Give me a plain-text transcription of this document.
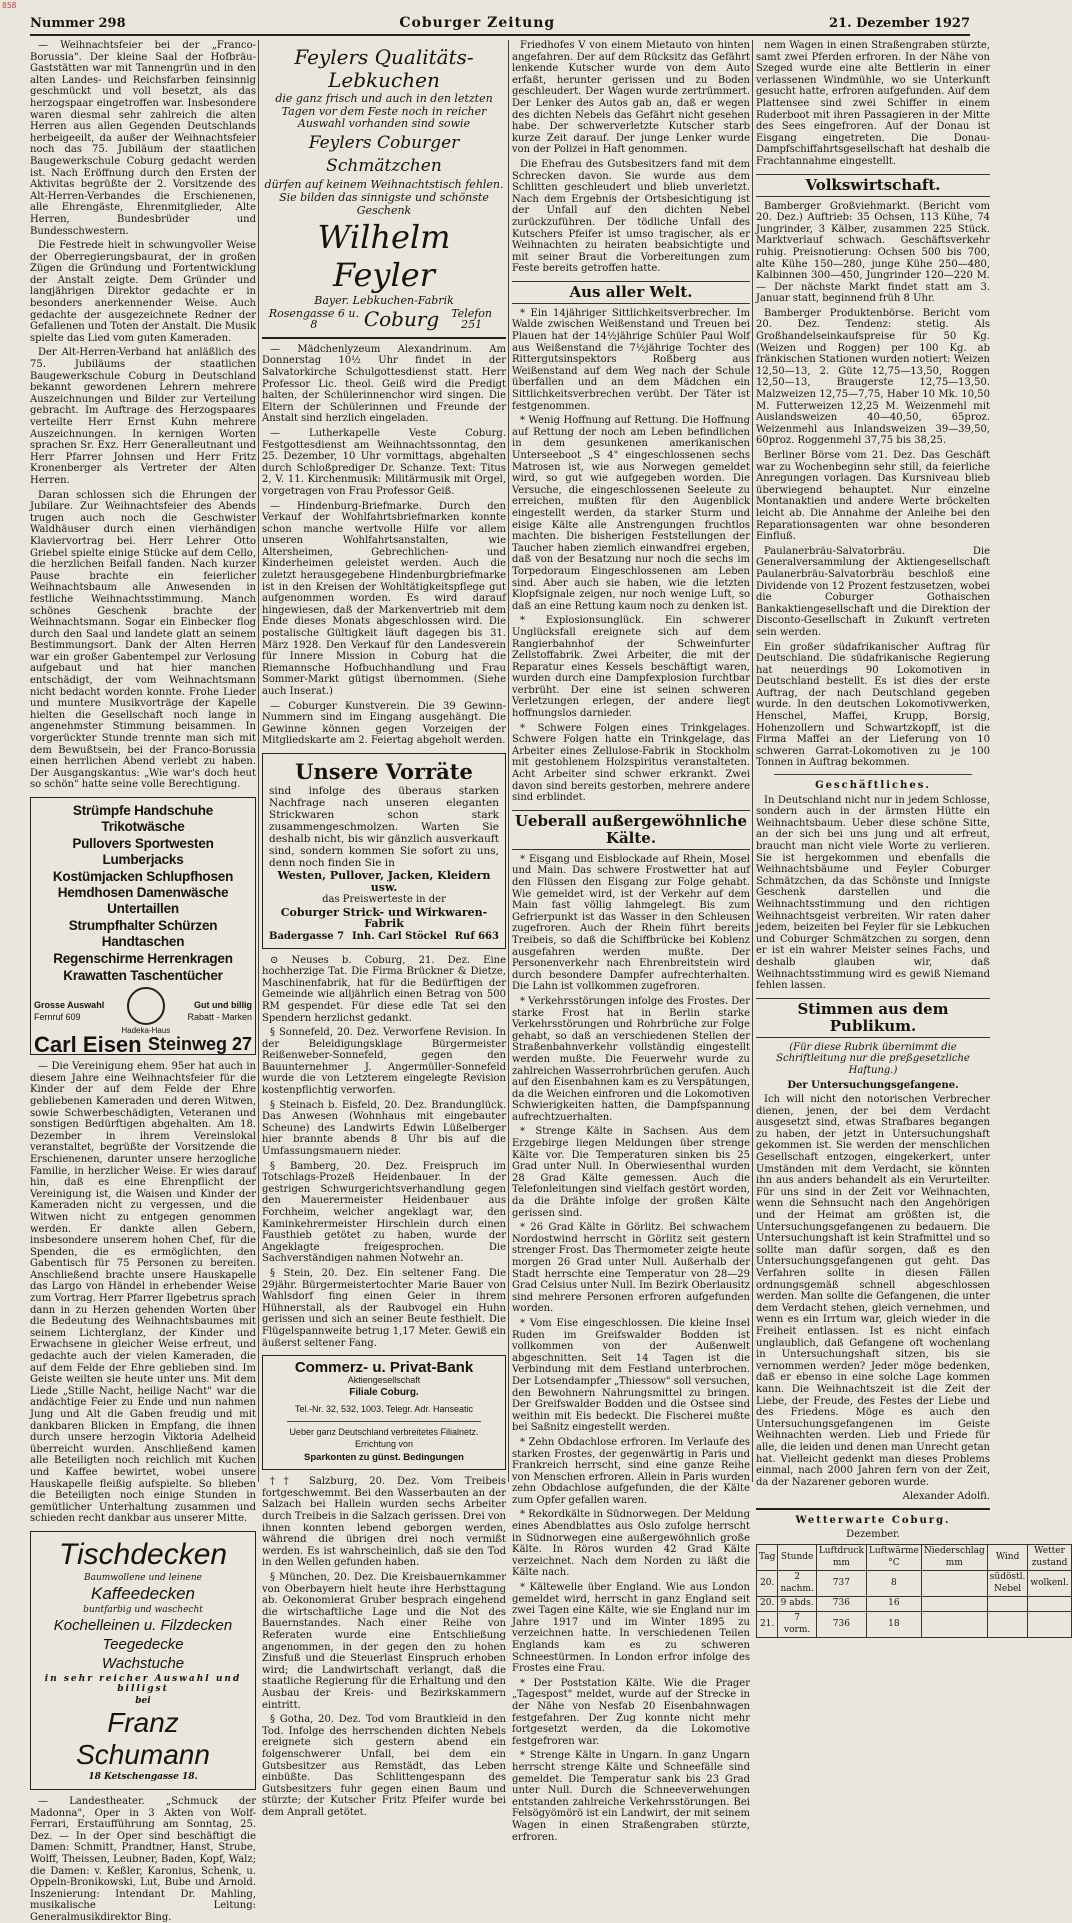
858
Nummer 298	Coburger Zeitung	21. Dezember 1927

— Weihnachtsfeier bei der „Franco-Borussia". Der kleine Saal der Hofbräu-Gaststätten war mit Tannengrün und in den alten Landes- und Reichsfarben feinsinnig geschmückt und voll besetzt, als das herzogspaar eingetroffen war. Insbesondere waren diesmal sehr zahlreich die alten Herren aus allen Gegenden Deutschlands herbeigeeilt, da außer der Weihnachtsfeier noch das 75. Jubiläum der staatlichen Baugewerkschule Coburg gedacht werden ist. Nach Eröffnung durch den Ersten der Aktivitas begrüßte der 2. Vorsitzende des Alt-Herren-Verbandes die Erschienenen, alle Ehrengäste, Ehrenmitglieder, Alte Herren, Bundesbrüder und Bundesschwestern.

Die Festrede hielt in schwungvoller Weise der Oberregierungsbaurat, der in großen Zügen die Gründung und Fortentwicklung der Anstalt zeigte. Dem Gründer und langjährigen Direktor gedachte er in besonders anerkennender Weise. Auch gedachte der ausgezeichnete Redner der Gefallenen und Toten der Anstalt. Die Musik spielte das Lied vom guten Kameraden.

Der Alt-Herren-Verband hat anläßlich des 75. Jubiläums der staatlichen Baugewerkschule Coburg in Deutschland bekannt gewordenen Lehrern mehrere Auszeichnungen und Bilder zur Verteilung gebracht. Im Auftrage des Herzogspaares verteilte Herr Ernst Kuhn mehrere Auszeichnungen. In kernigen Worten sprachen Sr. Exz. Herr Generalleutnant und Herr Pfarrer Johnsen und Herr Fritz Kronenberger als Vertreter der Alten Herren.

Daran schlossen sich die Ehrungen der Jubilare. Zur Weihnachtsfeier des Abends trugen auch noch die Geschwister Waldhäuser durch einen vierhändigen Klaviervortrag bei. Herr Lehrer Otto Griebel spielte einige Stücke auf dem Cello, die herzlichen Beifall fanden. Nach kurzer Pause brachte ein feierlicher Weihnachtsbaum alle Anwesenden in festliche Weihnachtsstimmung. Manch schönes Geschenk brachte der Weihnachtsmann. Sogar ein Einbecker flog durch den Saal und landete glatt an seinem Bestimmungsort. Dank der Alten Herren war ein großer Gabentempel zur Verlosung aufgebaut und hat hier manchen entschädigt, der vom Weihnachtsmann nicht bedacht worden konnte. Frohe Lieder und muntere Musikvorträge der Kapelle hielten die Gesellschaft noch lange in angenehmster Stimmung beisammen. In vorgerückter Stunde trennte man sich mit dem Bewußtsein, bei der Franco-Borussia einen herrlichen Abend verlebt zu haben. Der Ausgangskantus: „Wie war's doch heut so schön" hatte seine volle Berechtigung.

Strümpfe Handschuhe Trikotwäsche

Pullovers Sportwesten Lumberjacks

Kostümjacken Schlupfhosen Hemdhosen Damenwäsche Untertaillen

Strumpfhalter Schürzen Handtaschen

Regenschirme Herrenkragen

Krawatten Taschentücher

Grosse Auswahl
Fernruf 609
Hadeka-Haus
Gut und billig
Rabatt - Marken
Carl Eisen Steinweg 27

— Die Vereinigung ehem. 95er hat auch in diesem Jahre eine Weihnachtsfeier für die Kinder der auf dem Felde der Ehre gebliebenen Kameraden und deren Witwen, sowie Schwerbeschädigten, Veteranen und sonstigen Bedürftigen abgehalten. Am 18. Dezember in ihrem Vereinslokal veranstaltet, begrüßte der Vorsitzende die Erschienenen, darunter unsere herzogliche Familie, in herzlicher Weise. Er wies darauf hin, daß es eine Ehrenpflicht der Vereinigung ist, die Waisen und Kinder der Kameraden nicht zu vergessen, und die Witwen nicht zu entgegen genommen werden. Er dankte allen Gebern, insbesondere unserem hohen Chef, für die Spenden, die es ermöglichten, den Gabentisch für 75 Personen zu bereiten. Anschließend brachte unsere Hauskapelle das Largo von Händel in erhebender Weise zum Vortrag. Herr Pfarrer Ilgebetrus sprach dann in zu Herzen gehenden Worten über die Bedeutung des Weihnachtsbaumes mit seinem Lichterglanz, der Kinder und Erwachsene in gleicher Weise erfreut, und gedachte auch der vielen Kameraden, die auf dem Felde der Ehre geblieben sind. Im Geiste weilten sie heute unter uns. Mit dem Liede „Stille Nacht, heilige Nacht" war die andächtige Feier zu Ende und nun nahmen Jung und Alt die Gaben freudig und mit dankbaren Blicken in Empfang, die ihnen durch unsere herzogin Viktoria Adelheid überreicht wurden. Anschließend kamen alle Beteiligten noch reichlich mit Kuchen und Kaffee bewirtet, wobei unsere Hauskapelle fleißig aufspielte. So blieben die Beteiligten noch einige Stunden in gemütlicher Unterhaltung zusammen und schieden recht dankbar aus unserer Mitte.

Tischdecken

Baumwollene und leinene

Kaffeedecken

buntfarbig und waschecht

Kochelleinen u. Filzdecken

Teegedecke

Wachstuche

in sehr reicher Auswahl und billigst

bei

Franz Schumann

18 Ketschengasse 18.

— Landestheater. „Schmuck der Madonna", Oper in 3 Akten von Wolf-Ferrari, Erstaufführung am Sonntag, 25. Dez. — In der Oper sind beschäftigt die Damen: Schmitt, Prandtner, Hanst, Strube, Wolff, Theissen, Leubner, Baden, Kopf, Walz; die Damen: v. Keßler, Karonius, Schenk, u. Oppeln-Bronikowski, Lut, Bube und Arnold. Inszenierung: Intendant Dr. Mahling, musikalische Leitung: Generalmusikdirektor Bing.

Feylers Qualitäts-Lebkuchen

die ganz frisch und auch in den letzten Tagen vor dem Feste noch in reicher Auswahl vorhanden sind sowie

Feylers Coburger Schmätzchen

dürfen auf keinem Weihnachtstisch fehlen.

Sie bilden das sinnigste und schönste Geschenk

Wilhelm Feyler

Bayer. Lebkuchen-Fabrik

Rosengasse 6 u. 8	Coburg	Telefon 251

— Mädchenlyzeum Alexandrinum. Am Donnerstag 10½ Uhr findet in der Salvatorkirche Schulgottesdienst statt. Herr Professor Lic. theol. Geiß wird die Predigt halten, der Schülerinnenchor wird singen. Die Eltern der Schülerinnen und Freunde der Anstalt sind herzlich eingeladen.

— Lutherkapelle Veste Coburg. Festgottesdienst am Weihnachtssonntag, den 25. Dezember, 10 Uhr vormittags, abgehalten durch Schloßprediger Dr. Schanze. Text: Titus 2, V. 11. Kirchenmusik: Militärmusik mit Orgel, vorgetragen von Frau Professor Geiß.

— Hindenburg-Briefmarke. Durch den Verkauf der Wohlfahrtsbriefmarken konnte schon manche wertvolle Hilfe vor allem unseren Wohlfahrtsanstalten, wie Altersheimen, Gebrechlichen- und Kinderheimen geleistet werden. Auch die zuletzt herausgegebene Hindenburgbriefmarke ist in den Kreisen der Wohltätigkeitspflege gut aufgenommen worden. Es wird darauf hingewiesen, daß der Markenvertrieb mit dem Ende dieses Monats abgeschlossen wird. Die postalische Gültigkeit läuft dagegen bis 31. März 1928. Den Verkauf für den Landesverein für Innere Mission in Coburg hat die Riemannsche Hofbuchhandlung und Frau Sommer-Markt gütigst übernommen. (Siehe auch Inserat.)

— Coburger Kunstverein. Die 39 Gewinn-Nummern sind im Eingang ausgehängt. Die Gewinne können gegen Vorzeigen der Mitgliedskarte am 2. Feiertag abgeholt werden.

Unsere Vorräte

sind infolge des überaus starken Nachfrage nach unseren eleganten Strickwaren schon stark zusammengeschmolzen. Warten Sie deshalb nicht, bis wir gänzlich ausverkauft sind, sondern kommen Sie sofort zu uns, denn noch finden Sie in

Westen, Pullover, Jacken, Kleidern usw.

das Preiswerteste in der

Coburger Strick- und Wirkwaren-Fabrik

Badergasse 7 Inh. Carl Stöckel Ruf 663

⊙ Neuses b. Coburg, 21. Dez. Eine hochherzige Tat. Die Firma Brückner & Dietze, Maschinenfabrik, hat für die Bedürftigen der Gemeinde wie alljährlich einen Betrag von 500 RM gespendet. Für diese edle Tat sei den Spendern herzlichst gedankt.

§ Sonnefeld, 20. Dez. Verworfene Revision. In der Beleidigungsklage Bürgermeister Reißenweber-Sonnefeld, gegen den Bauunternehmer J. Angermüller-Sonnefeld wurde die von Letzterem eingelegte Revision kostenpflichtig verworfen.

§ Steinach b. Eisfeld, 20. Dez. Brandunglück. Das Anwesen (Wohnhaus mit eingebauter Scheune) des Landwirts Edwin Lüßelberger hier brannte abends 8 Uhr bis auf die Umfassungsmauern nieder.

§ Bamberg, 20. Dez. Freispruch im Totschlags-Prozeß Heidenbauer. In der gestrigen Schwurgerichtsverhandlung gegen den Mauerermeister Heidenbauer aus Forchheim, welcher angeklagt war, den Kaminkehrermeister Hirschlein durch einen Fausthieb getötet zu haben, wurde der Angeklagte freigesprochen. Die Sachverständigen nahmen Notwehr an.

§ Stein, 20. Dez. Ein seltener Fang. Die 29jähr. Bürgermeistertochter Marie Bauer von Wahlsdorf fing einen Geier in ihrem Hühnerstall, als der Raubvogel ein Huhn gerissen und sich an seiner Beute festhielt. Die Flügelspannweite betrug 1,17 Meter. Gewiß ein äußerst seltener Fang.

Commerz- u. Privat-Bank

Aktiengesellschaft

Filiale Coburg.

Tel.-Nr. 32, 532, 1003. Telegr. Adr. Hanseatic

Ueber ganz Deutschland verbreitetes Filialnetz.

Errichtung von

Sparkonten zu günst. Bedingungen

†† Salzburg, 20. Dez. Vom Treibeis fortgeschwemmt. Bei den Wasserbauten an der Salzach bei Hallein wurden sechs Arbeiter durch Treibeis in die Salzach gerissen. Drei von ihnen konnten lebend geborgen werden, während die übrigen drei noch vermißt werden. Es ist wahrscheinlich, daß sie den Tod in den Wellen gefunden haben.

§ München, 20. Dez. Die Kreisbauernkammer von Oberbayern hielt heute ihre Herbsttagung ab. Oekonomierat Gruber besprach eingehend die wirtschaftliche Lage und die Not des Bauernstandes. Nach einer Reihe von Referaten wurde eine Entschließung angenommen, in der gegen den zu hohen Zinsfuß und die Steuerlast Einspruch erhoben wird; die Landwirtschaft verlangt, daß die staatliche Regierung für die Erhaltung und den Ausbau der Kreis- und Bezirkskammern eintritt.

§ Gotha, 20. Dez. Tod vom Brautkleid in den Tod. Infolge des herrschenden dichten Nebels ereignete sich gestern abend ein folgenschwerer Unfall, bei dem ein Gutsbesitzer aus Remstädt, das Leben einbüßte. Das Schlittengespann des Gutsbesitzers fuhr gegen einen Baum und stürzte; der Kutscher Fritz Pfeifer wurde bei dem Anprall getötet.

Friedhofes V von einem Mietauto von hinten angefahren. Der auf dem Rücksitz das Gefährt lenkende Kutscher wurde von dem Auto erfaßt, herunter gerissen und zu Boden geschleudert. Der Wagen wurde zertrümmert. Der Lenker des Autos gab an, daß er wegen des dichten Nebels das Gefährt nicht gesehen habe. Der schwerverletzte Kutscher starb kurze Zeit darauf. Der junge Lenker wurde von der Polizei in Haft genommen.

Die Ehefrau des Gutsbesitzers fand mit dem Schrecken davon. Sie wurde aus dem Schlitten geschleudert und blieb unverletzt. Nach dem Ergebnis der Ortsbesichtigung ist der Unfall auf den dichten Nebel zurückzuführen. Der tödliche Unfall des Kutschers Pfeifer ist umso tragischer, als er Weihnachten zu heiraten beabsichtigte und mit seiner Braut die Vorbereitungen zum Feste bereits getroffen hatte.

Aus aller Welt.

* Ein 14jähriger Sittlichkeitsverbrecher. Im Walde zwischen Weißenstand und Treuen bei Plauen hat der 14½jährige Schüler Paul Wolf aus Weißenstand die 7½jährige Tochter des Rittergutsinspektors Roßberg aus Weißenstand auf dem Weg nach der Schule überfallen und an dem Mädchen ein Sittlichkeitsverbrechen verübt. Der Täter ist festgenommen.

* Wenig Hoffnung auf Rettung. Die Hoffnung auf Rettung der noch am Leben befindlichen in dem gesunkenen amerikanischen Unterseeboot „S 4" eingeschlossenen sechs Matrosen ist, wie aus Norwegen gemeldet wird, so gut wie aufgegeben worden. Die Versuche, die eingeschlossenen Seeleute zu erreichen, mußten für den Augenblick eingestellt werden, da starker Sturm und eisige Kälte alle Anstrengungen fruchtlos machten. Die bisherigen Feststellungen der Taucher haben ziemlich einwandfrei ergeben, daß von der Besatzung nur noch die sechs im Torpedoraum Eingeschlossenen am Leben sind. Aber auch sie haben, wie die letzten Klopfsignale zeigen, nur noch wenige Luft, so daß an eine Rettung kaum noch zu denken ist.

* Explosionsunglück. Ein schwerer Unglücksfall ereignete sich auf dem Rangierbahnhof der Schweinfurter Zellstoffabrik. Zwei Arbeiter, die mit der Reparatur eines Kessels beschäftigt waren, wurden durch eine Dampfexplosion furchtbar verbrüht. Der eine ist seinen schweren Verletzungen erlegen, der andere liegt hoffnungslos darnieder.

* Schwere Folgen eines Trinkgelages. Schwere Folgen hatte ein Trinkgelage, das Arbeiter eines Zellulose-Fabrik in Stockholm mit gestohlenem Holzspiritus veranstalteten. Acht Arbeiter sind schwer erkrankt. Zwei davon sind bereits gestorben, mehrere andere sind erblindet.

Ueberall außergewöhnliche Kälte.

* Eisgang und Eisblockade auf Rhein, Mosel und Main. Das schwere Frostwetter hat auf den Flüssen den Eisgang zur Folge gehabt. Wie gemeldet wird, ist der Verkehr auf dem Main fast völlig lahmgelegt. Bis zum Gefrierpunkt ist das Wasser in den Schleusen zugefroren. Auch der Rhein führt bereits Treibeis, so daß die Schiffbrücke bei Koblenz ausgefahren werden mußte. Der Personenverkehr nach Ehrenbreitstein wird durch besondere Dampfer aufrechterhalten. Die Lahn ist vollkommen zugefroren.

* Verkehrsstörungen infolge des Frostes. Der starke Frost hat in Berlin starke Verkehrsstörungen und Rohrbrüche zur Folge gehabt, so daß an verschiedenen Stellen der Straßenbahnverkehr vollständig eingestellt werden mußte. Die Feuerwehr wurde zu zahlreichen Wasserrohrbrüchen gerufen. Auch auf den Eisenbahnen kam es zu Verspätungen, da die Weichen einfroren und die Lokomotiven Schwierigkeiten hatten, die Dampfspannung aufrechtzuerhalten.

* Strenge Kälte in Sachsen. Aus dem Erzgebirge liegen Meldungen über strenge Kälte vor. Die Temperaturen sinken bis 25 Grad unter Null. In Oberwiesenthal wurden 28 Grad Kälte gemessen. Auch die Telefonleitungen sind vielfach gestört worden, da die Drähte infolge der großen Kälte gerissen sind.

* 26 Grad Kälte in Görlitz. Bei schwachem Nordostwind herrscht in Görlitz seit gestern strenger Frost. Das Thermometer zeigte heute morgen 26 Grad unter Null. Außerhalb der Stadt herrschte eine Temperatur von 28—29 Grad Celsius unter Null. Im Bezirk Oberlausitz sind mehrere Personen erfroren aufgefunden worden.

* Vom Eise eingeschlossen. Die kleine Insel Ruden im Greifswalder Bodden ist vollkommen von der Außenwelt abgeschnitten. Seit 14 Tagen ist die Verbindung mit dem Festland unterbrochen. Der Lotsendampfer „Thiessow" soll versuchen, den Bewohnern Nahrungsmittel zu bringen. Der Greifswalder Bodden und die Ostsee sind weithin mit Eis bedeckt. Die Fischerei mußte bei Saßnitz eingestellt werden.

* Zehn Obdachlose erfroren. Im Verlaufe des starken Frostes, der gegenwärtig in Paris und Frankreich herrscht, sind eine ganze Reihe von Menschen erfroren. Allein in Paris wurden zehn Obdachlose aufgefunden, die der Kälte zum Opfer gefallen waren.

* Rekordkälte in Südnorwegen. Der Meldung eines Abendblattes aus Oslo zufolge herrscht in Südnorwegen eine außergewöhnlich große Kälte. In Röros wurden 42 Grad Kälte verzeichnet. Nach dem Norden zu läßt die Kälte nach.

* Kältewelle über England. Wie aus London gemeldet wird, herrscht in ganz England seit zwei Tagen eine Kälte, wie sie England nur im Jahre 1917 und im Winter 1895 zu verzeichnen hatte. In verschiedenen Teilen Englands kam es zu schweren Schneestürmen. In London erfror infolge des Frostes eine Frau.

* Der Poststation Kälte. Wie die Prager „Tagespost" meldet, wurde auf der Strecke in der Nähe von Nesfab 20 Eisenbahnwagen festgefahren. Der Zug konnte nicht mehr fortgesetzt werden, da die Lokomotive festgefroren war.

* Strenge Kälte in Ungarn. In ganz Ungarn herrscht strenge Kälte und Schneefälle sind gemeldet. Die Temperatur sank bis 23 Grad unter Null. Durch die Schneeverwehungen entstanden zahlreiche Verkehrsstörungen. Bei Felsögyömörö ist ein Landwirt, der mit seinem Wagen in einen Straßengraben stürzte, erfroren.

nem Wagen in einen Straßengraben stürzte, samt zwei Pferden erfroren. In der Nähe von Szeged wurde eine alte Bettlerin in einer verlassenen Windmühle, wo sie Unterkunft gesucht hatte, erfroren aufgefunden. Auf dem Plattensee sind zwei Schiffer in einem Ruderboot mit ihren Passagieren in der Mitte des Sees eingefroren. Auf der Donau ist Eisgang eingetreten. Die Donau-Dampfschiffahrtsgesellschaft hat deshalb die Frachtannahme eingestellt.

Volkswirtschaft.

Bamberger Großviehmarkt. (Bericht vom 20. Dez.) Auftrieb: 35 Ochsen, 113 Kühe, 74 Jungrinder, 3 Kälber, zusammen 225 Stück. Marktverlauf schwach. Geschäftsverkehr ruhig. Preisnotierung: Ochsen 500 bis 700, alte Kühe 150—280, junge Kühe 250—480, Kalbinnen 300—450, Jungrinder 120—220 M. — Der nächste Markt findet statt am 3. Januar statt, beginnend früh 8 Uhr.

Bamberger Produktenbörse. Bericht vom 20. Dez. Tendenz: stetig. Als Großhandelseinkaufspreise für 50 Kg. (Weizen und Roggen) per 100 Kg. ab fränkischen Stationen wurden notiert: Weizen 12,50—13, 2. Güte 12,75—13,50, Roggen 12,50—13, Braugerste 12,75—13,50. Malzweizen 12,75—7,75, Haber 10 Mk. 10,50 M. Futterweizen 12,25 M. Weizenmehl mit Auslandsweizen 40—40,50, 65proz. Weizenmehl aus Inlandsweizen 39—39,50, 60proz. Roggenmehl 37,75 bis 38,25.

Berliner Börse vom 21. Dez. Das Geschäft war zu Wochenbeginn sehr still, da feierliche Anregungen vorlagen. Das Kursniveau blieb überwiegend behauptet. Nur einzelne Montanaktien und andere Werte bröckelten leicht ab. Die Annahme der Anleihe bei den Reparationsagenten war ohne besonderen Einfluß.

Paulanerbräu-Salvatorbräu. Die Generalversammlung der Aktiengesellschaft Paulanerbräu-Salvatorbräu beschloß eine Dividende von 12 Prozent festzusetzen, wobei die Coburger Gothaischen Bankaktiengesellschaft und die Direktion der Disconto-Gesellschaft in Zukunft vertreten sein werden.

Ein großer südafrikanischer Auftrag für Deutschland. Die südafrikanische Regierung hat neuerdings 90 Lokomotiven in Deutschland bestellt. Es ist dies der erste Auftrag, der nach Deutschland gegeben wurde. In den deutschen Lokomotivwerken, Henschel, Maffei, Krupp, Borsig, Hohenzollern und Schwartzkopff, ist die Firma Maffei an der Lieferung von 10 schweren Garrat-Lokomotiven zu je 100 Tonnen in Auftrag bekommen.

Geschäftliches.

In Deutschland nicht nur in jedem Schlosse, sondern auch in der ärmsten Hütte ein Weihnachtsbaum. Ueber diese schöne Sitte, an der sich bei uns jung und alt erfreut, braucht man nicht viele Worte zu verlieren. Sie ist hergekommen und ebenfalls die Weihnachtsbäume und Feyler Coburger Schmätzchen, da das Schönste und Innigste Geschenk darstellen und die Weihnachtsstimmung und den richtigen Weihnachtsgeist verbreiten. Wir raten daher jedem, beizeiten bei Feyler für sie Lebkuchen und Coburger Schmätzchen zu sorgen, denn er ist ein wahrer Meister seines Fachs, und deshalb glauben wir, daß Weihnachtsstimmung wird es gewiß Niemand fehlen lassen.

Stimmen aus dem Publikum.

(Für diese Rubrik übernimmt die Schriftleitung nur die preßgesetzliche Haftung.)

Der Untersuchungsgefangene.

Ich will nicht den notorischen Verbrecher dienen, jenen, der bei dem Verdacht ausgesetzt sind, etwas Strafbares begangen zu haben, der jetzt in Untersuchungshaft gekommen ist. Sie werden der menschlichen Gesellschaft entzogen, eingekerkert, unter Umständen mit dem Verdacht, sie könnten ihn aus anders behandelt als ein Verurteilter. Für uns sind in der Zeit vor Weihnachten, wenn die Sehnsucht nach den Angehörigen und der Heimat am größten ist, die Untersuchungsgefangenen zu bedauern. Die Untersuchungshaft ist kein Strafmittel und so sollte man dafür sorgen, daß es den Untersuchungsgefangenen gut geht. Das Verfahren sollte in diesen Fällen ordnungsgemäß schnell abgeschlossen werden. Man sollte die Gefangenen, die unter dem Verdacht stehen, gleich vernehmen, und wenn es ein Irrtum war, gleich wieder in die Freiheit entlassen. Ist es nicht einfach unglaublich, daß Gefangene oft wochenlang in Untersuchungshaft sitzen, bis sie vernommen werden? Jeder möge bedenken, daß er ebenso in eine solche Lage kommen kann. Die Weihnachtszeit ist die Zeit der Liebe, der Freude, des Festes der Liebe und des Friedens. Möge es auch den Untersuchungsgefangenen im Geiste Weihnachten werden. Lieb und Friede für alle, die leiden und denen man Unrecht getan hat. Vielleicht gedenkt man dieses Problems einmal, nach 2000 Jahren fern von der Zeit, da der Nazarener geboren wurde.

Alexander Adolfi.

Wetterwarte Coburg.

Dezember.

Tag	Stunde	Luftdruck mm	Luftwärme °C	Niederschlag mm	Wind	Wetter zustand
20.	2 nachm.	737	8		südöstl. Nebel	wolkenl.
20.	9 abds.	736	16			
21.	7 vorm.	736	18			
